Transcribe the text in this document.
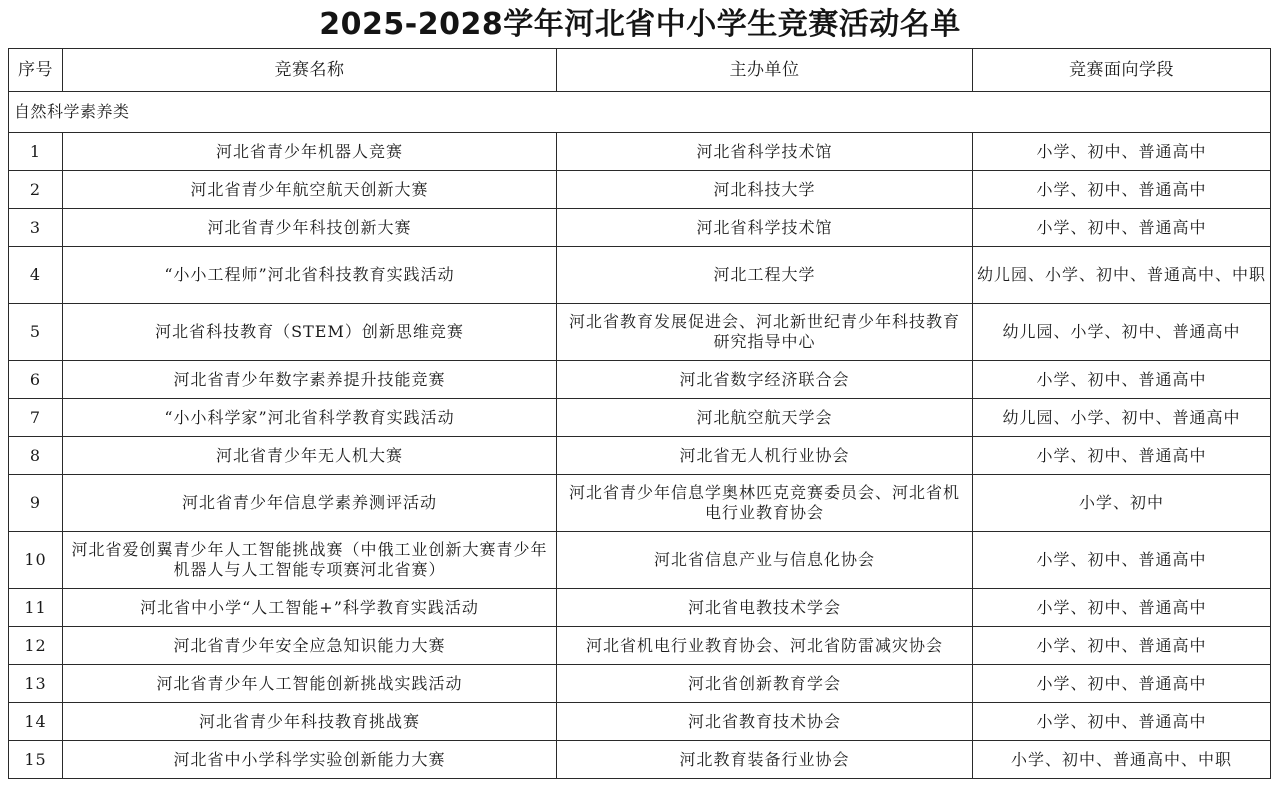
2025-2028学年河北省中小学生竞赛活动名单
序号	竞赛名称	主办单位	竞赛面向学段
自然科学素养类			
1	河北省青少年机器人竞赛	河北省科学技术馆	小学、初中、普通高中
2	河北省青少年航空航天创新大赛	河北科技大学	小学、初中、普通高中
3	河北省青少年科技创新大赛	河北省科学技术馆	小学、初中、普通高中
4	“小小工程师”河北省科技教育实践活动	河北工程大学	幼儿园、小学、初中、普通高中、中职
5	河北省科技教育（STEM）创新思维竞赛	河北省教育发展促进会、河北新世纪青少年科技教育研究指导中心	幼儿园、小学、初中、普通高中
6	河北省青少年数字素养提升技能竞赛	河北省数字经济联合会	小学、初中、普通高中
7	“小小科学家”河北省科学教育实践活动	河北航空航天学会	幼儿园、小学、初中、普通高中
8	河北省青少年无人机大赛	河北省无人机行业协会	小学、初中、普通高中
9	河北省青少年信息学素养测评活动	河北省青少年信息学奥林匹克竞赛委员会、河北省机电行业教育协会	小学、初中
10	河北省爱创翼青少年人工智能挑战赛（中俄工业创新大赛青少年机器人与人工智能专项赛河北省赛）	河北省信息产业与信息化协会	小学、初中、普通高中
11	河北省中小学“人工智能+”科学教育实践活动	河北省电教技术学会	小学、初中、普通高中
12	河北省青少年安全应急知识能力大赛	河北省机电行业教育协会、河北省防雷减灾协会	小学、初中、普通高中
13	河北省青少年人工智能创新挑战实践活动	河北省创新教育学会	小学、初中、普通高中
14	河北省青少年科技教育挑战赛	河北省教育技术协会	小学、初中、普通高中
15	河北省中小学科学实验创新能力大赛	河北教育装备行业协会	小学、初中、普通高中、中职
